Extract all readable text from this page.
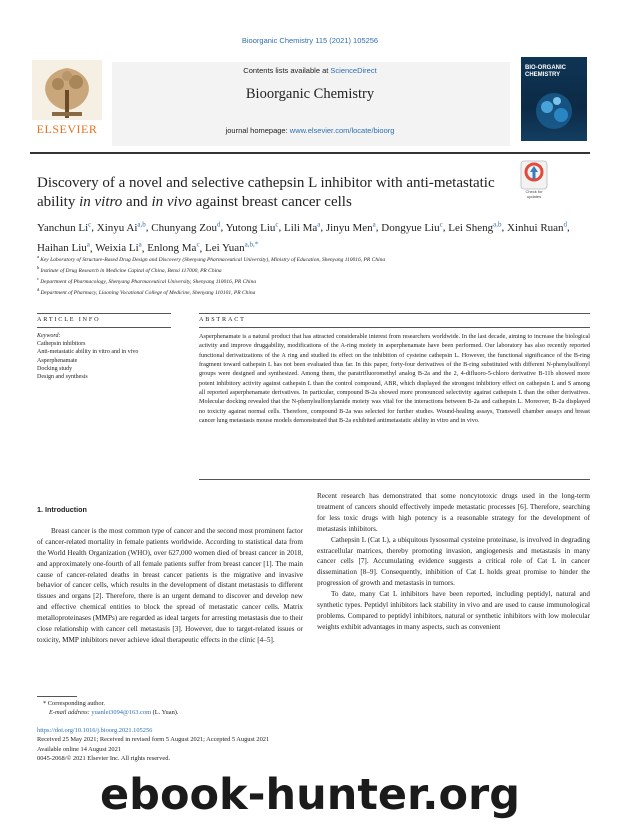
Bioorganic Chemistry 115 (2021) 105256
Contents lists available at ScienceDirect
Bioorganic Chemistry
journal homepage: www.elsevier.com/locate/bioorg
ELSEVIER
BIO-ORGANIC CHEMISTRY
Discovery of a novel and selective cathepsin L inhibitor with anti-metastatic ability in vitro and in vivo against breast cancer cells
Check for updates
Yanchun Li$^c$, Xinyu Ai$^{a,b}$, Chunyang Zou$^d$, Yutong Liu$^c$, Lili Ma$^a$, Jinyu Men$^a$, Dongyue Liu$^c$, Lei Sheng$^{a,b}$, Xinhui Ruan$^d$, Haihan Liu$^a$, Weixia Li$^a$, Enlong Ma$^c$, Lei Yuan$^{a,b,*}$
$^a$ Key Laboratory of Structure-Based Drug Design and Discovery (Shenyang Pharmaceutical University), Ministry of Education, Shenyang 110016, PR China
$^b$ Institute of Drug Research in Medicine Capital of China, Benxi 117000, PR China
$^c$ Department of Pharmacology, Shenyang Pharmaceutical University, Shenyang 110016, PR China
$^d$ Department of Pharmacy, Liaoning Vocational College of Medicine, Shenyang 110101, PR China
ARTICLE INFO	ABSTRACT
Keyword:
Cathepsin inhibitors
Anti-metastatic ability in vitro and in vivo
Asperphenamate
Docking study
Design and synthesis
Asperphenamate is a natural product that has attracted considerable interest from researchers worldwide. In the last decade, aiming to increase the biological activity and improve druggability, modifications of the A-ring moiety in asperphenamate have been performed. Our laboratory has also recently reported functional derivatizations of the A ring and studied its effect on the inhibition of cysteine cathepsin L. However, the functional significance of the B-ring fragment toward cathepsin L has not been evaluated thus far. In this paper, forty-four derivatives of the B-ring substituted with different N-phenylsulfonyl groups were designed and synthesized. Among them, the paratrifluoromethyl analog B-2a and the 2, 4-difluoro-5-chloro derivative B-11b showed more potent inhibitory activity against cathepsin L than the control compound, ABR, which displayed the strongest inhibitory effect on cathepsin L and S among all reported asperphenamate derivatives. In particular, compound B-2a showed more pronounced selectivity against cathepsin L than the other derivatives. Molecular docking revealed that the N-phenylsulfonylamide moiety was vital for the interactions between B-2a and cathepsin L. Moreover, B-2a displayed no toxicity against normal cells. Therefore, compound B-2a was selected for further studies. Wound-healing assays, Transwell chamber assays and breast cancer lung metastasis mouse models demonstrated that B-2a exhibited antimetastatic ability in vitro and in vivo.
1. Introduction

Breast cancer is the most common type of cancer and the second most prominent factor of cancer-related mortality in female patients worldwide. According to statistical data from the World Health Organization (WHO), over 627,000 women died of breast cancer in 2018, and approximately one-fourth of all female patients suffer from breast cancer [1]. The main cause of cancer-related deaths in breast cancer patients is the migrative and invasive behavior of cancer cells, which results in the development of distant metastasis to different tissues and organs [2]. Therefore, there is an urgent demand to discover and develop new and effective chemical entities to block the spread of metastatic cancer cells. Matrix metalloproteinases (MMPs) are regarded as ideal targets for arresting metastasis due to their close relationship with cancer cell metastasis [3]. However, due to target-related issues or toxicity, MMP inhibitors never achieve ideal therapeutic effects in the clinic [4–5].

Recent research has demonstrated that some noncytotoxic drugs used in the long-term treatment of cancers should effectively impede metastatic processes [6]. Therefore, searching for less toxic drugs with high potency is a reasonable strategy for the development of metastasis inhibitors.

Cathepsin L (Cat L), a ubiquitous lysosomal cysteine proteinase, is involved in degrading extracellular matrices, thereby promoting invasion, angiogenesis and metastasis in many cancer cells [7]. Accumulating evidence suggests a critical role of Cat L in cancer dissemination [8–9]. Consequently, inhibition of Cat L holds great promise to hinder the progression of growth and metastasis in tumors.

To date, many Cat L inhibitors have been reported, including peptidyl, natural and synthetic types. Peptidyl inhibitors lack stability in vivo and are used to cause immunological problems. Compared to peptidyl inhibitors, natural or synthetic inhibitors with low molecular weights exhibit advantages in many aspects, such as convenient

* Corresponding author.
E-mail address: yuanlei3094@163.com (L. Yuan).
https://doi.org/10.1016/j.bioorg.2021.105256
Received 25 May 2021; Received in revised form 5 August 2021; Accepted 5 August 2021
Available online 14 August 2021
0045-2068/© 2021 Elsevier Inc. All rights reserved.
ebook-hunter.org
